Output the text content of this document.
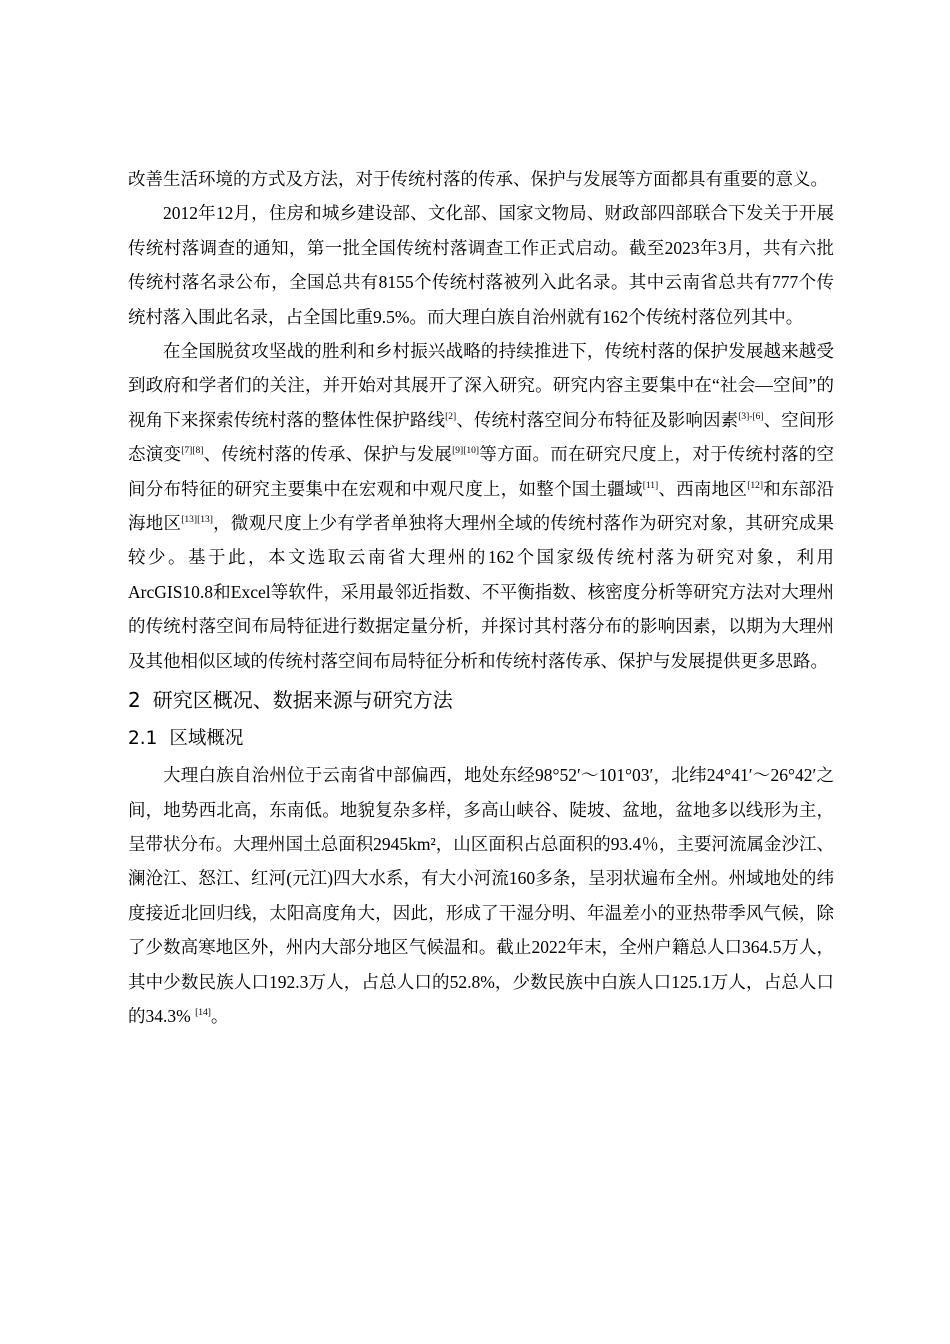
改善生活环境的方式及方法，对于传统村落的传承、保护与发展等方面都具有重要的意义。

2012年12月，住房和城乡建设部、文化部、国家文物局、财政部四部联合下发关于开展传统村落调查的通知，第一批全国传统村落调查工作正式启动。截至2023年3月，共有六批传统村落名录公布，全国总共有8155个传统村落被列入此名录。其中云南省总共有777个传统村落入围此名录，占全国比重9.5%。而大理白族自治州就有162个传统村落位列其中。

在全国脱贫攻坚战的胜利和乡村振兴战略的持续推进下，传统村落的保护发展越来越受到政府和学者们的关注，并开始对其展开了深入研究。研究内容主要集中在“社会—空间”的视角下来探索传统村落的整体性保护路线[2]、传统村落空间分布特征及影响因素[3]-[6]、空间形态演变[7][8]、传统村落的传承、保护与发展[9][10]等方面。而在研究尺度上，对于传统村落的空间分布特征的研究主要集中在宏观和中观尺度上，如整个国土疆域[11]、西南地区[12]和东部沿海地区[13][13]，微观尺度上少有学者单独将大理州全域的传统村落作为研究对象，其研究成果较少。基于此，本文选取云南省大理州的162个国家级传统村落为研究对象，利用ArcGIS10.8和Excel等软件，采用最邻近指数、不平衡指数、核密度分析等研究方法对大理州的传统村落空间布局特征进行数据定量分析，并探讨其村落分布的影响因素，以期为大理州及其他相似区域的传统村落空间布局特征分析和传统村落传承、保护与发展提供更多思路。

2 研究区概况、数据来源与研究方法
2.1 区域概况

大理白族自治州位于云南省中部偏西，地处东经98°52′～101°03′，北纬24°41′～26°42′之间，地势西北高，东南低。地貌复杂多样，多高山峡谷、陡坡、盆地，盆地多以线形为主，呈带状分布。大理州国土总面积2945km²，山区面积占总面积的93.4％，主要河流属金沙江、澜沧江、怒江、红河(元江)四大水系，有大小河流160多条，呈羽状遍布全州。州域地处的纬度接近北回归线，太阳高度角大，因此，形成了干湿分明、年温差小的亚热带季风气候，除了少数高寒地区外，州内大部分地区气候温和。截止2022年末，全州户籍总人口364.5万人，其中少数民族人口192.3万人，占总人口的52.8%，少数民族中白族人口125.1万人，占总人口的34.3% [14]。
